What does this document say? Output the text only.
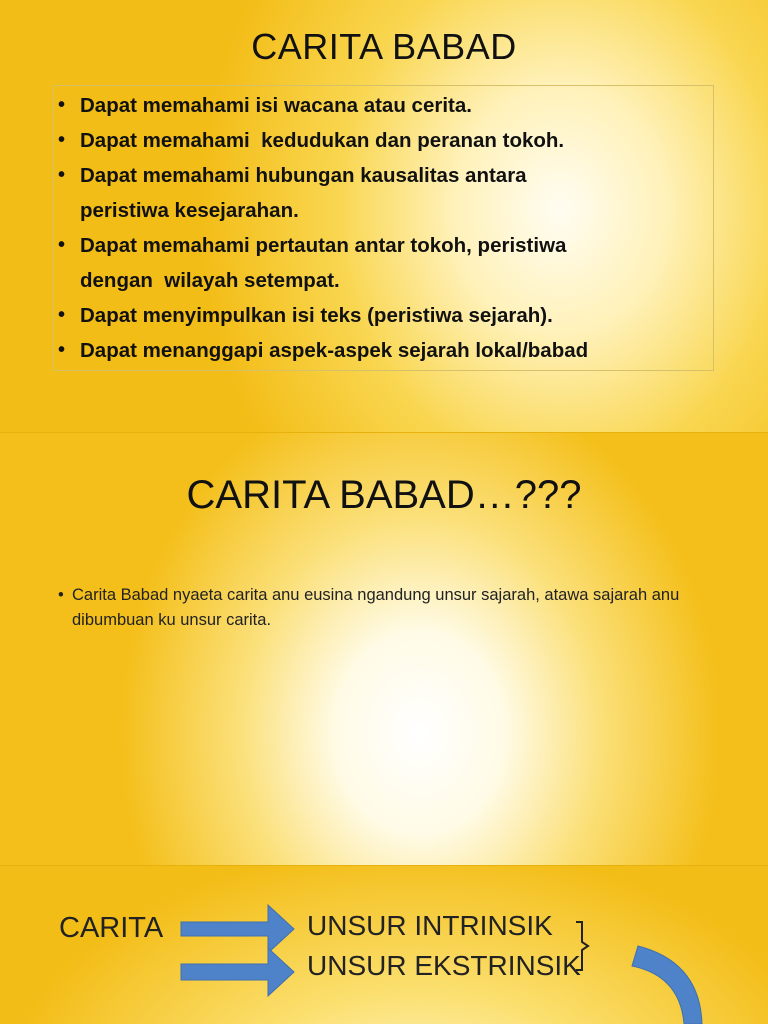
CARITA BABAD
• Dapat memahami isi wacana atau cerita.
• Dapat memahami  kedudukan dan peranan tokoh.
• Dapat memahami hubungan kausalitas antara
peristiwa kesejarahan.
• Dapat memahami pertautan antar tokoh, peristiwa
dengan  wilayah setempat.
• Dapat menyimpulkan isi teks (peristiwa sejarah).
• Dapat menanggapi aspek-aspek sejarah lokal/babad
CARITA BABAD…???
• Carita Babad nyaeta carita anu eusina ngandung unsur sajarah, atawa sajarah anu dibumbuan ku unsur carita.
CARITA	UNSUR INTRINSIK
UNSUR EKSTRINSIK
